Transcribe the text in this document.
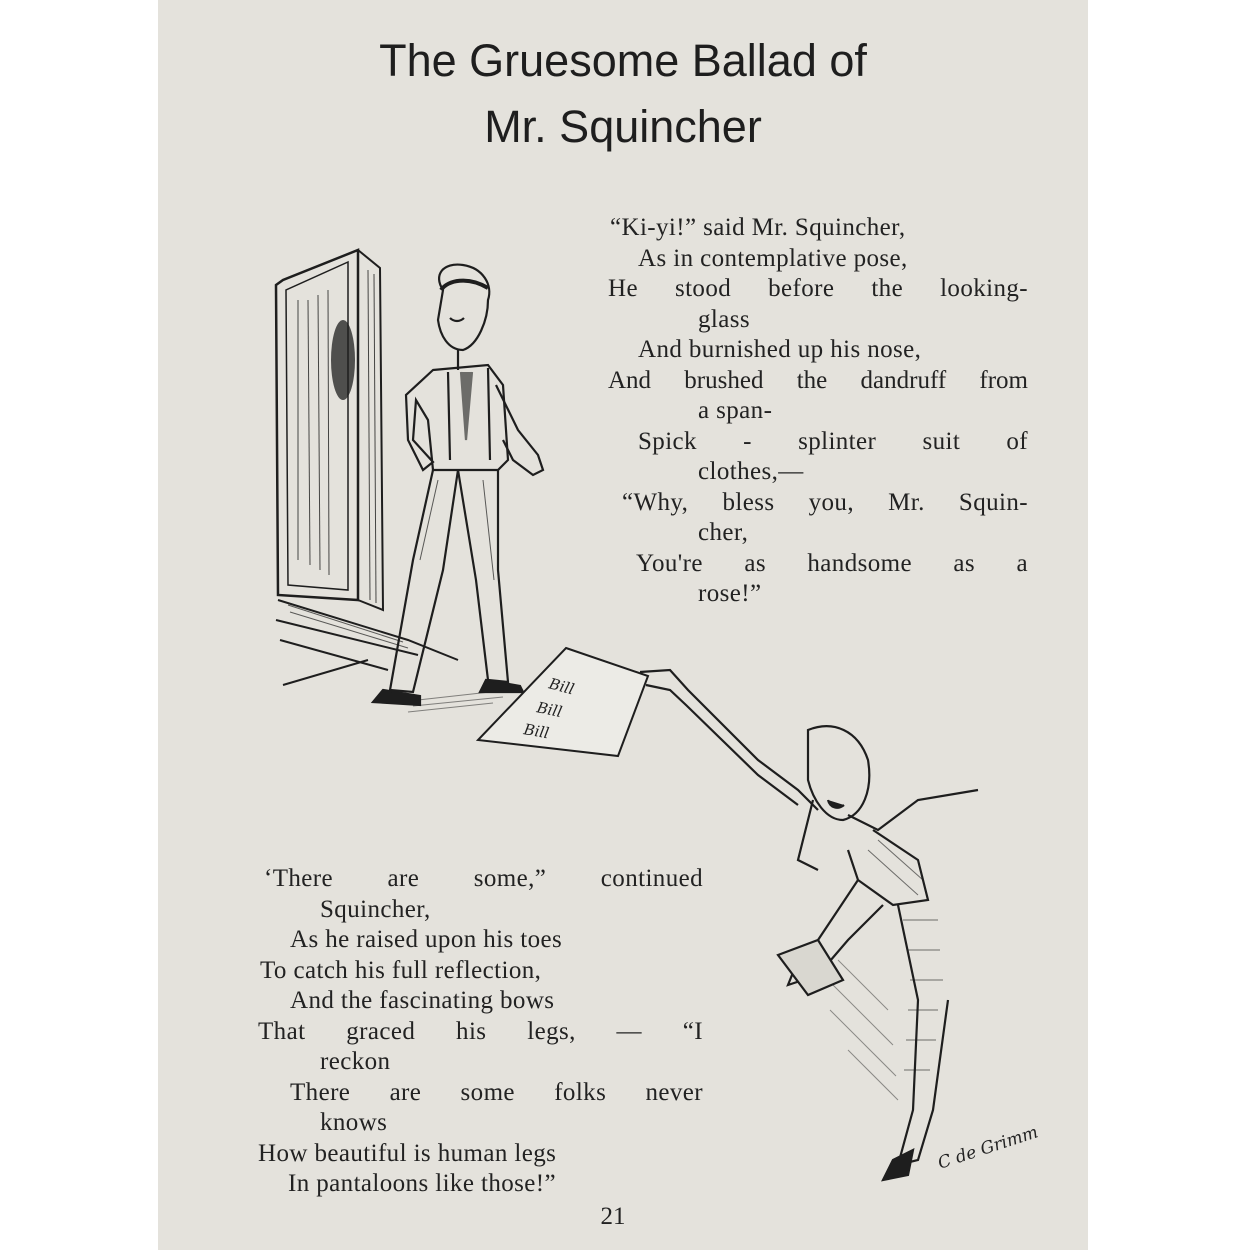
The Gruesome Ballad of
Mr. Squincher
Bill
Bill
Bill
“Ki-yi!” said Mr. Squincher,
As in contemplative pose,
He stood before the looking-
glass
And burnished up his nose,
And brushed the dandruff from
a span-
Spick - splinter suit of
clothes,—
“Why, bless you, Mr. Squin-
cher,
You're as handsome as a
rose!”
‘There are some,” continued
Squincher,
As he raised upon his toes
To catch his full reflection,
And the fascinating bows
That graced his legs, — “I
reckon
There are some folks never
knows
How beautiful is human legs
In pantaloons like those!”
C de Grimm
21
